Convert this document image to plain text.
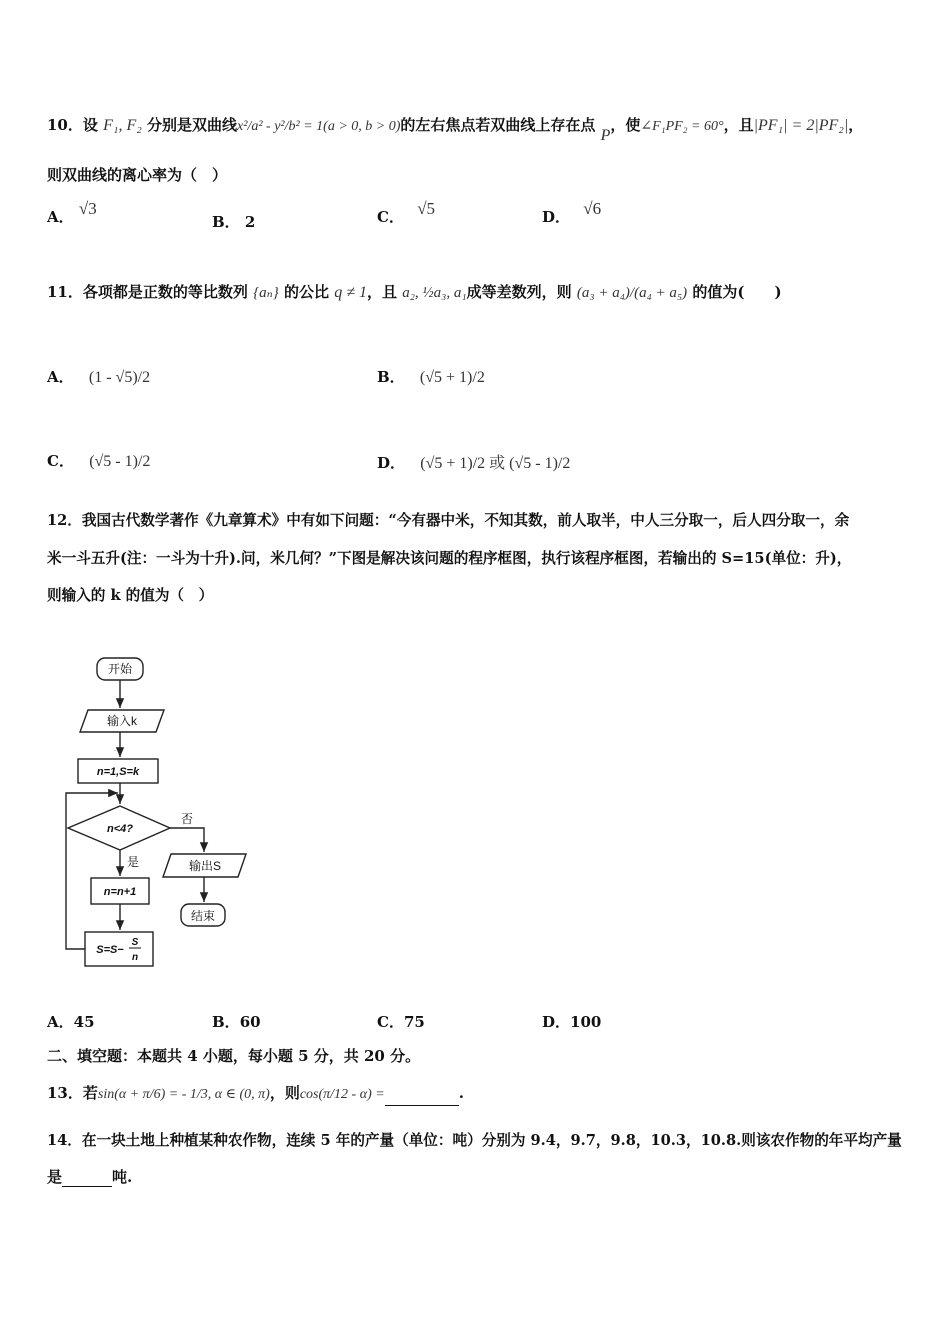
10．设 F₁, F₂ 分别是双曲线x²/a² - y²/b² = 1(a > 0, b > 0)的左右焦点若双曲线上存在点 P，使∠F₁PF₂ = 60°，且|PF₁| = 2|PF₂|，
则双曲线的离心率为（　）
A． √3
B． 2	C． √5	D． √6
11．各项都是正数的等比数列 {aₙ} 的公比 q ≠ 1，且 a₂, ½a₃, a₁成等差数列，则 (a₃ + a₄)/(a₄ + a₅) 的值为(　　)
A． (1 - √5)/2	B． (√5 + 1)/2
C． (√5 - 1)/2	D． (√5 + 1)/2 或 (√5 - 1)/2
12．我国古代数学著作《九章算术》中有如下问题：“今有器中米，不知其数，前人取半，中人三分取一，后人四分取一，余
米一斗五升(注：一斗为十升).问，米几何？”下图是解决该问题的程序框图，执行该程序框图，若输出的 S=15(单位：升)，
则输入的 k 的值为（　）
开始
输入k
n=1,S=k
n<4?
否
是	输出S
结束
n=n+1
S=S−
S
n
·
A．45	B．60	C．75	D．100
二、填空题：本题共 4 小题，每小题 5 分，共 20 分。
13．若sin(α + π/6) = - 1/3, α ∈ (0, π)，则cos(π/12 - α) =	.
14．在一块土地上种植某种农作物，连续 5 年的产量（单位：吨）分别为 9.4，9.7，9.8，10.3，10.8.则该农作物的年平均产量
是	吨.
